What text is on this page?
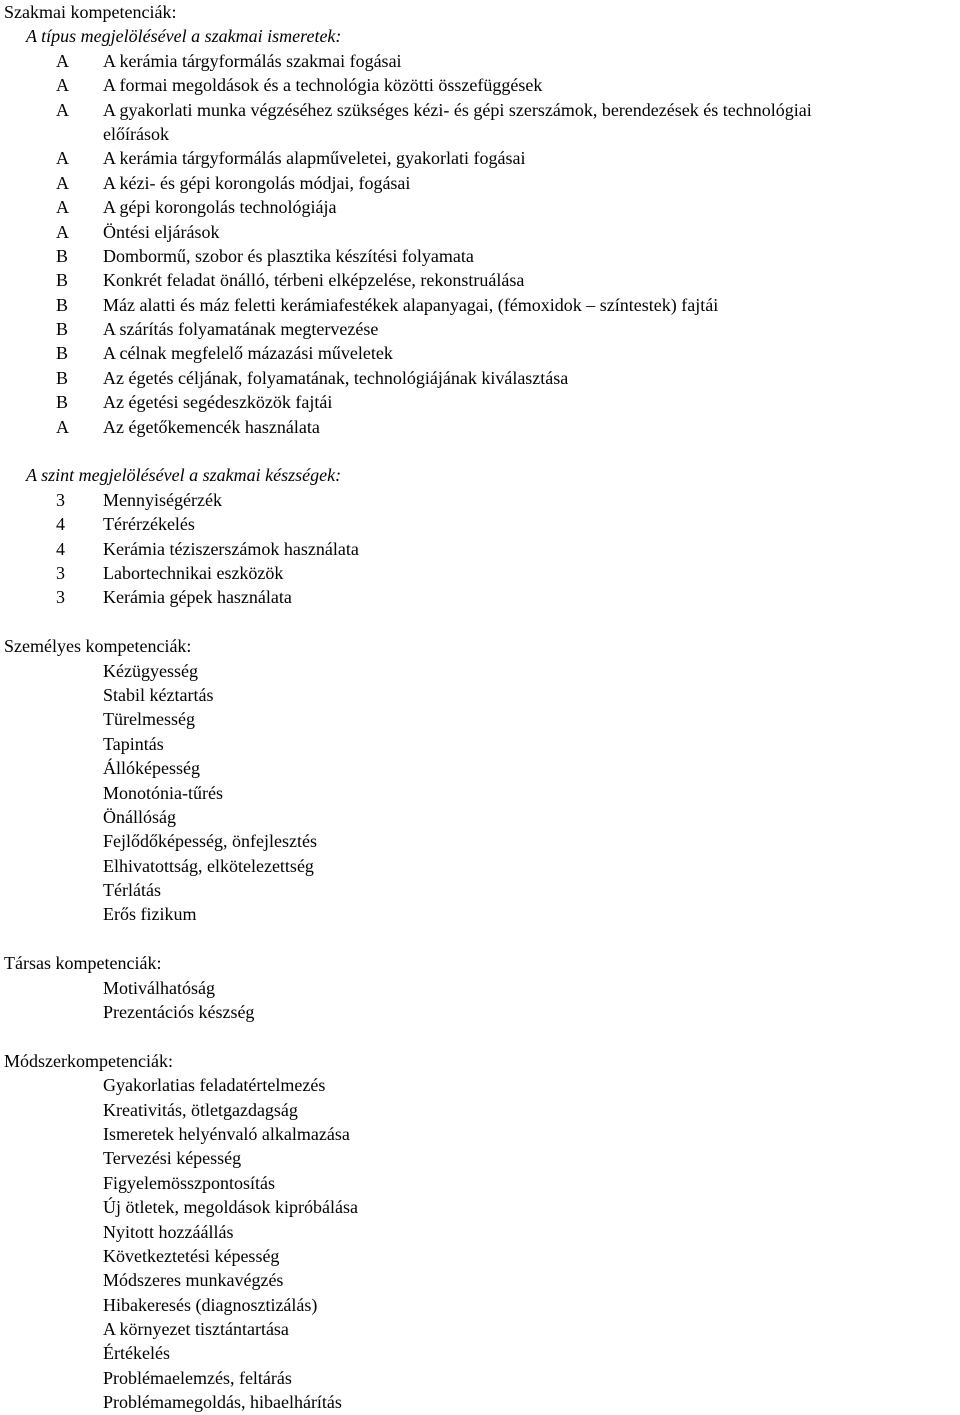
Szakmai kompetenciák:
A típus megjelölésével a szakmai ismeretek:
A A kerámia tárgyformálás szakmai fogásai
A A formai megoldások és a technológia közötti összefüggések
A A gyakorlati munka végzéséhez szükséges kézi- és gépi szerszámok, berendezések és technológiai
előírások
A A kerámia tárgyformálás alapműveletei, gyakorlati fogásai
A A kézi- és gépi korongolás módjai, fogásai
A A gépi korongolás technológiája
A Öntési eljárások
B Dombormű, szobor és plasztika készítési folyamata
B Konkrét feladat önálló, térbeni elképzelése, rekonstruálása
B Máz alatti és máz feletti kerámiafestékek alapanyagai, (fémoxidok – színtestek) fajtái
B A szárítás folyamatának megtervezése
B A célnak megfelelő mázazási műveletek
B Az égetés céljának, folyamatának, technológiájának kiválasztása
B Az égetési segédeszközök fajtái
A Az égetőkemencék használata
A szint megjelölésével a szakmai készségek:
3 Mennyiségérzék
4 Térérzékelés
4 Kerámia téziszerszámok használata
3 Labortechnikai eszközök
3 Kerámia gépek használata
Személyes kompetenciák:
Kézügyesség
Stabil kéztartás
Türelmesség
Tapintás
Állóképesség
Monotónia-tűrés
Önállóság
Fejlődőképesség, önfejlesztés
Elhivatottság, elkötelezettség
Térlátás
Erős fizikum
Társas kompetenciák:
Motiválhatóság
Prezentációs készség
Módszerkompetenciák:
Gyakorlatias feladatértelmezés
Kreativitás, ötletgazdagság
Ismeretek helyénvaló alkalmazása
Tervezési képesség
Figyelemösszpontosítás
Új ötletek, megoldások kipróbálása
Nyitott hozzáállás
Következtetési képesség
Módszeres munkavégzés
Hibakeresés (diagnosztizálás)
A környezet tisztántartása
Értékelés
Problémaelemzés, feltárás
Problémamegoldás, hibaelhárítás
